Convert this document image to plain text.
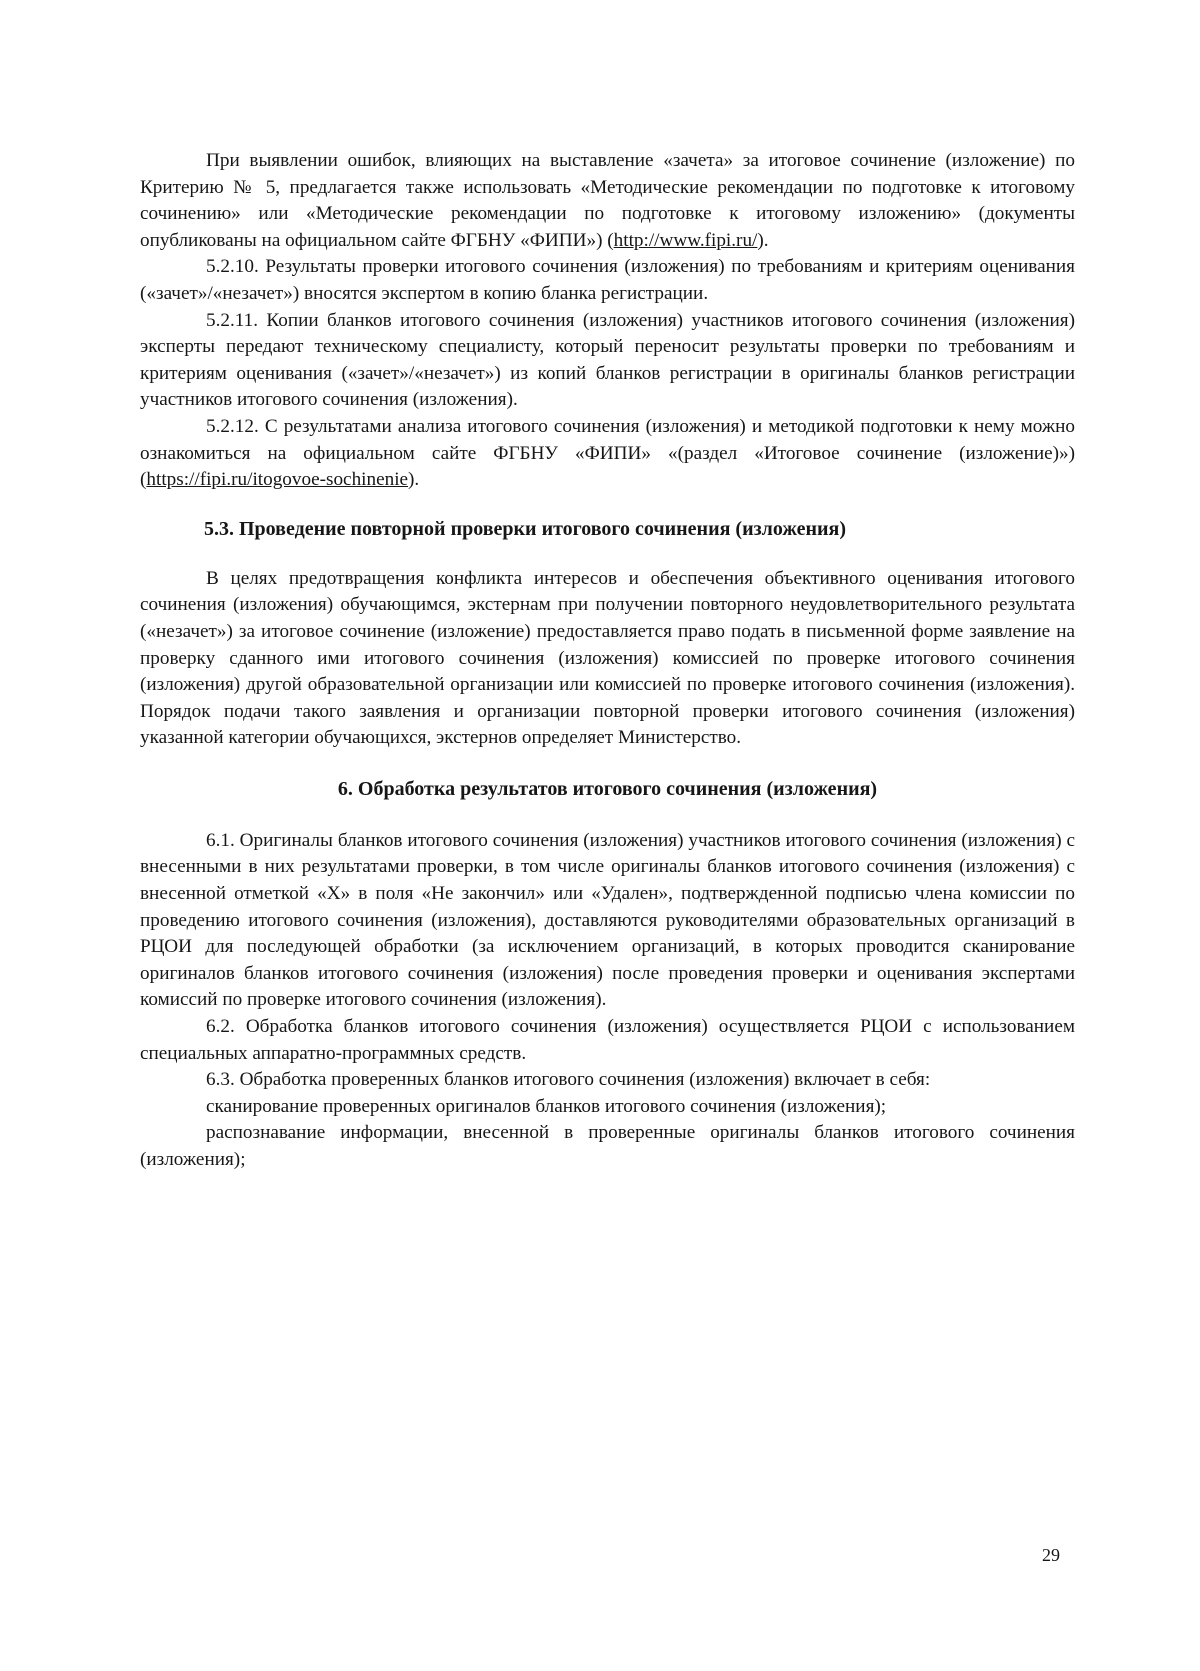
При выявлении ошибок, влияющих на выставление «зачета» за итоговое сочинение (изложение) по Критерию № 5, предлагается также использовать «Методические рекомендации по подготовке к итоговому сочинению» или «Методические рекомендации по подготовке к итоговому изложению» (документы опубликованы на официальном сайте ФГБНУ «ФИПИ») (http://www.fipi.ru/).

5.2.10. Результаты проверки итогового сочинения (изложения) по требованиям и критериям оценивания («зачет»/«незачет») вносятся экспертом в копию бланка регистрации.

5.2.11. Копии бланков итогового сочинения (изложения) участников итогового сочинения (изложения) эксперты передают техническому специалисту, который переносит результаты проверки по требованиям и критериям оценивания («зачет»/«незачет») из копий бланков регистрации в оригиналы бланков регистрации участников итогового сочинения (изложения).

5.2.12. С результатами анализа итогового сочинения (изложения) и методикой подготовки к нему можно ознакомиться на официальном сайте ФГБНУ «ФИПИ» «(раздел «Итоговое сочинение (изложение)») (https://fipi.ru/itogovoe-sochinenie).

5.3. Проведение повторной проверки итогового сочинения (изложения)

В целях предотвращения конфликта интересов и обеспечения объективного оценивания итогового сочинения (изложения) обучающимся, экстернам при получении повторного неудовлетворительного результата («незачет») за итоговое сочинение (изложение) предоставляется право подать в письменной форме заявление на проверку сданного ими итогового сочинения (изложения) комиссией по проверке итогового сочинения (изложения) другой образовательной организации или комиссией по проверке итогового сочинения (изложения). Порядок подачи такого заявления и организации повторной проверки итогового сочинения (изложения) указанной категории обучающихся, экстернов определяет Министерство.

6. Обработка результатов итогового сочинения (изложения)

6.1. Оригиналы бланков итогового сочинения (изложения) участников итогового сочинения (изложения) с внесенными в них результатами проверки, в том числе оригиналы бланков итогового сочинения (изложения) с внесенной отметкой «X» в поля «Не закончил» или «Удален», подтвержденной подписью члена комиссии по проведению итогового сочинения (изложения), доставляются руководителями образовательных организаций в РЦОИ для последующей обработки (за исключением организаций, в которых проводится сканирование оригиналов бланков итогового сочинения (изложения) после проведения проверки и оценивания экспертами комиссий по проверке итогового сочинения (изложения).

6.2. Обработка бланков итогового сочинения (изложения) осуществляется РЦОИ с использованием специальных аппаратно-программных средств.

6.3. Обработка проверенных бланков итогового сочинения (изложения) включает в себя:

сканирование проверенных оригиналов бланков итогового сочинения (изложения);

распознавание информации, внесенной в проверенные оригиналы бланков итогового сочинения (изложения);

29
